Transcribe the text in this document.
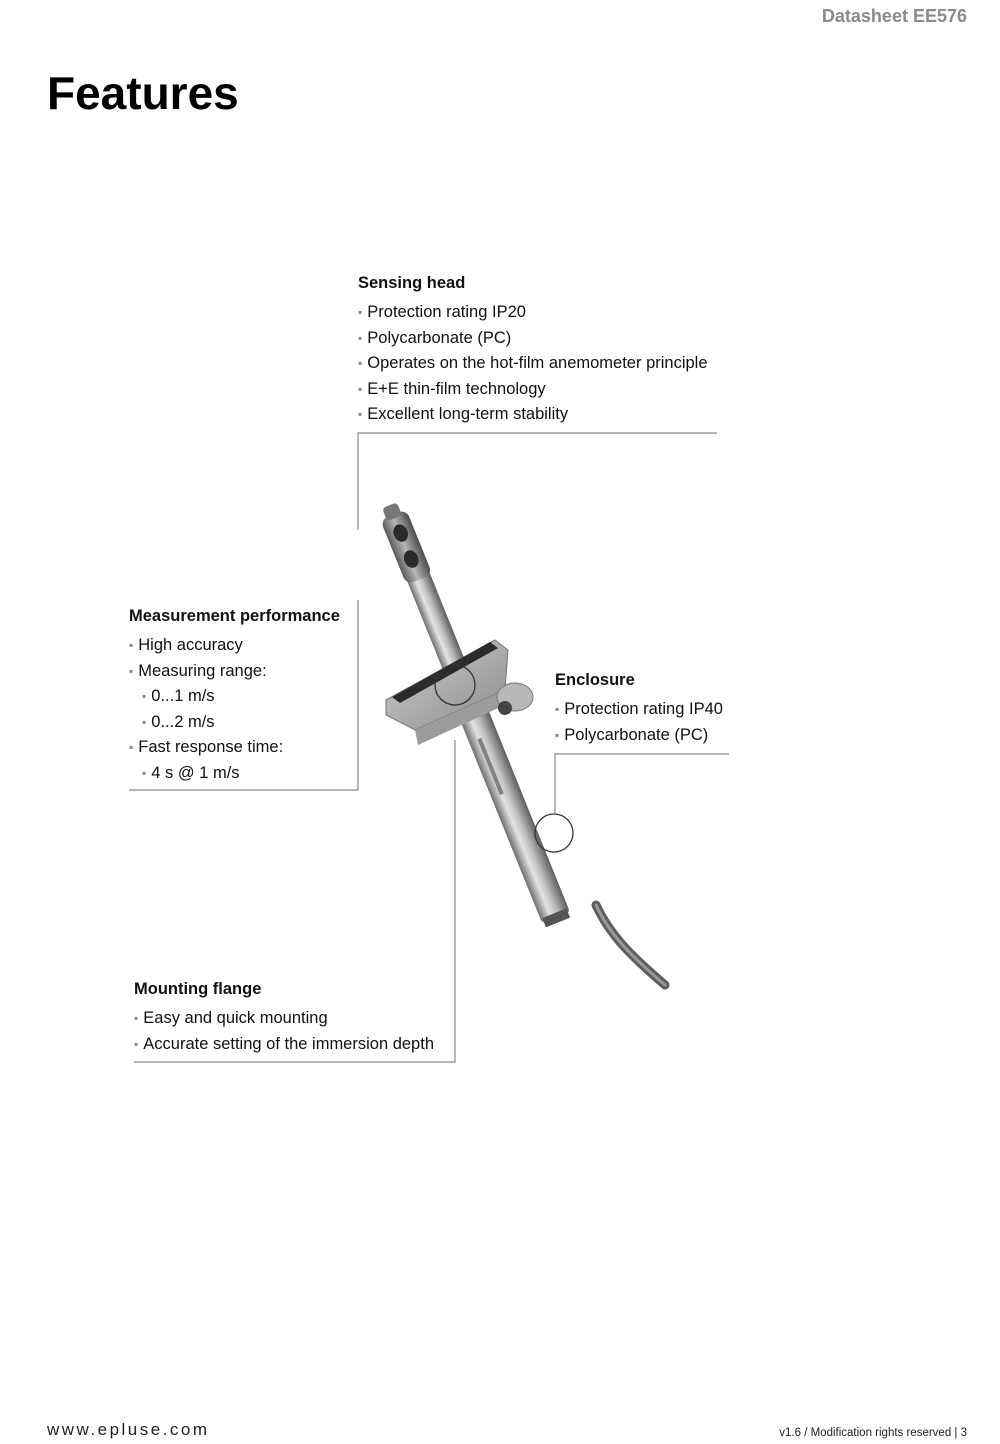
Datasheet EE576
Features
Sensing head
▪ Protection rating IP20
▪ Polycarbonate (PC)
▪ Operates on the hot-film anemometer principle
▪ E+E thin-film technology
▪ Excellent long-term stability
Measurement performance
▪ High accuracy
▪ Measuring range:
▪ 0...1 m/s
▪ 0...2 m/s
▪ Fast response time:
▪ 4 s @ 1 m/s
Enclosure
▪ Protection rating IP40
▪ Polycarbonate (PC)
Mounting flange
▪ Easy and quick mounting
▪ Accurate setting of the immersion depth
www.epluse.com	v1.6 / Modification rights reserved | 3
